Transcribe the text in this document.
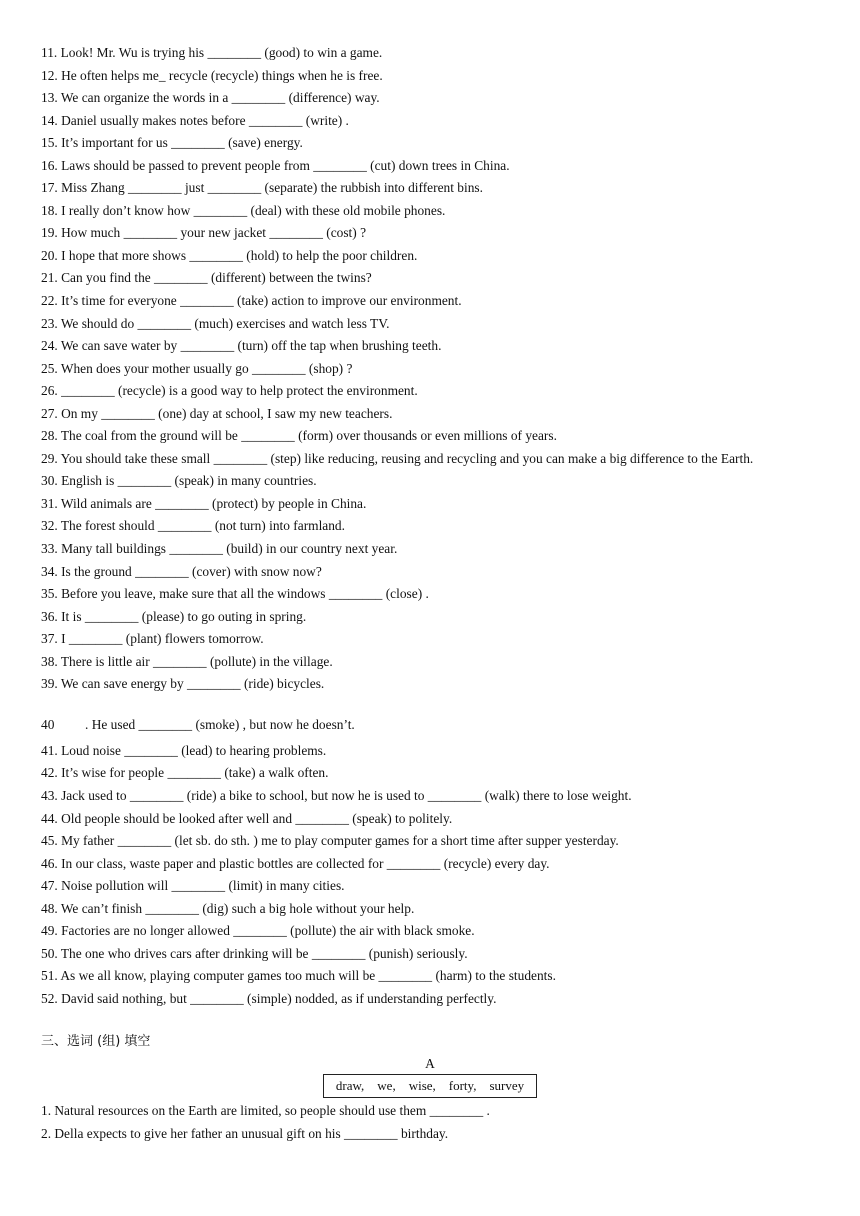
11. Look! Mr. Wu is trying his ________ (good) to win a game.
12. He often helps me_ recycle (recycle) things when he is free.
13. We can organize the words in a ________ (difference) way.
14. Daniel usually makes notes before ________ (write) .
15. It’s important for us ________ (save) energy.
16. Laws should be passed to prevent people from ________ (cut) down trees in China.
17. Miss Zhang ________ just ________ (separate) the rubbish into different bins.
18. I really don’t know how ________ (deal) with these old mobile phones.
19. How much ________ your new jacket ________ (cost) ?
20. I hope that more shows ________ (hold) to help the poor children.
21. Can you find the ________ (different) between the twins?
22. It’s time for everyone ________ (take) action to improve our environment.
23. We should do ________ (much) exercises and watch less TV.
24. We can save water by ________ (turn) off the tap when brushing teeth.
25. When does your mother usually go ________ (shop) ?
26. ________ (recycle) is a good way to help protect the environment.
27. On my ________ (one) day at school, I saw my new teachers.
28. The coal from the ground will be ________ (form) over thousands or even millions of years.
29. You should take these small ________ (step) like reducing, reusing and recycling and you can make a big difference to the Earth.
30. English is ________ (speak) in many countries.
31. Wild animals are ________ (protect) by people in China.
32. The forest should ________ (not turn) into farmland.
33. Many tall buildings ________ (build) in our country next year.
34. Is the ground ________ (cover) with snow now?
35. Before you leave, make sure that all the windows ________ (close) .
36. It is ________ (please) to go outing in spring.
37. I ________ (plant) flowers tomorrow.
38. There is little air ________ (pollute) in the village.
39. We can save energy by ________ (ride) bicycles.
40 . He used ________ (smoke) , but now he doesn’t.
41. Loud noise ________ (lead) to hearing problems.
42. It’s wise for people ________ (take) a walk often.
43. Jack used to ________ (ride) a bike to school, but now he is used to ________ (walk) there to lose weight.
44. Old people should be looked after well and ________ (speak) to politely.
45. My father ________ (let sb. do sth. ) me to play computer games for a short time after supper yesterday.
46. In our class, waste paper and plastic bottles are collected for ________ (recycle) every day.
47. Noise pollution will ________ (limit) in many cities.
48. We can’t finish ________ (dig) such a big hole without your help.
49. Factories are no longer allowed ________ (pollute) the air with black smoke.
50. The one who drives cars after drinking will be ________ (punish) seriously.
51. As we all know, playing computer games too much will be ________ (harm) to the students.
52. David said nothing, but ________ (simple) nodded, as if understanding perfectly.
三、选词 (组) 填空
A
draw,    we,    wise,    forty,    survey
1. Natural resources on the Earth are limited, so people should use them ________ .
2. Della expects to give her father an unusual gift on his ________ birthday.
